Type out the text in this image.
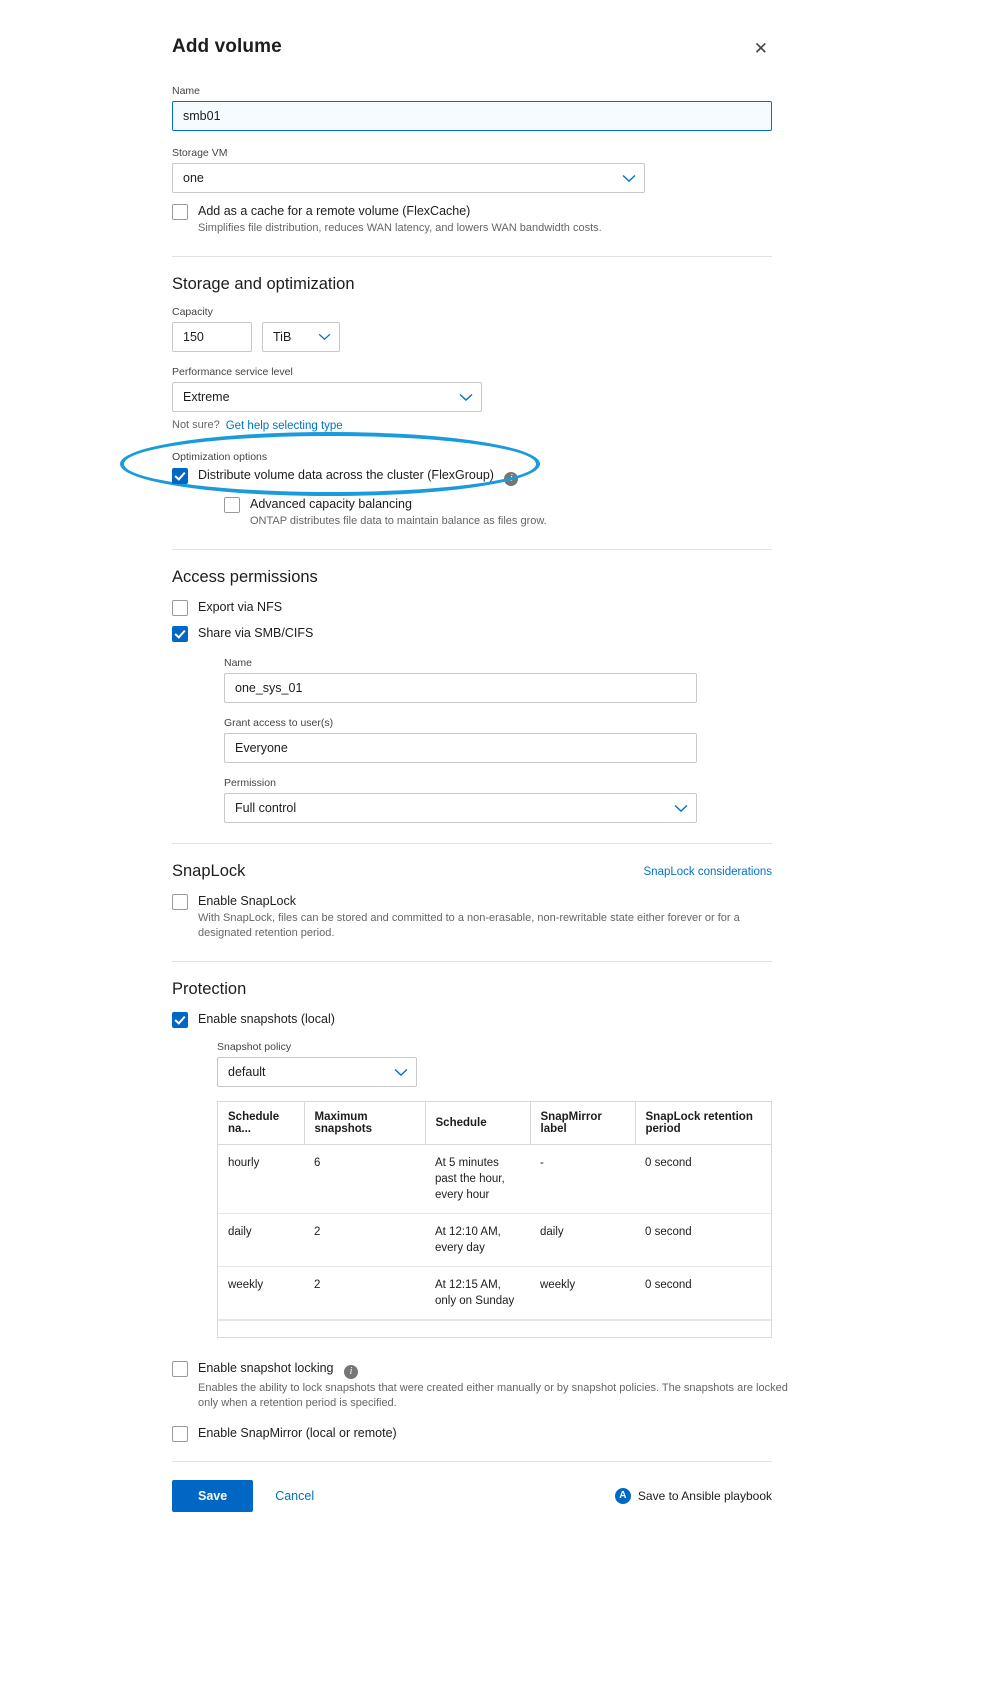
Add volume	✕
Name
smb01
Storage VM
one
Add as a cache for a remote volume (FlexCache)
Simplifies file distribution, reduces WAN latency, and lowers WAN bandwidth costs.
Storage and optimization
Capacity
150	TiB
Performance service level
Extreme
Not sure? Get help selecting type
Optimization options
Distribute volume data across the cluster (FlexGroup) i
Advanced capacity balancing
ONTAP distributes file data to maintain balance as files grow.
Access permissions
Export via NFS
Share via SMB/CIFS
Name
one_sys_01
Grant access to user(s)
Everyone
Permission
Full control
SnapLock	SnapLock considerations
Enable SnapLock
With SnapLock, files can be stored and committed to a non-erasable, non-rewritable state either forever or for a designated retention period.
Protection
Enable snapshots (local)
Snapshot policy
default
Schedule na...	Maximum snapshots	Schedule	SnapMirror label	SnapLock retention period
hourly	6	At 5 minutes past the hour, every hour	-	0 second
daily	2	At 12:10 AM, every day	daily	0 second
weekly	2	At 12:15 AM, only on Sunday	weekly	0 second
Enable snapshot locking i
Enables the ability to lock snapshots that were created either manually or by snapshot policies. The snapshots are locked only when a retention period is specified.
Enable SnapMirror (local or remote)
Save	Cancel	A Save to Ansible playbook
